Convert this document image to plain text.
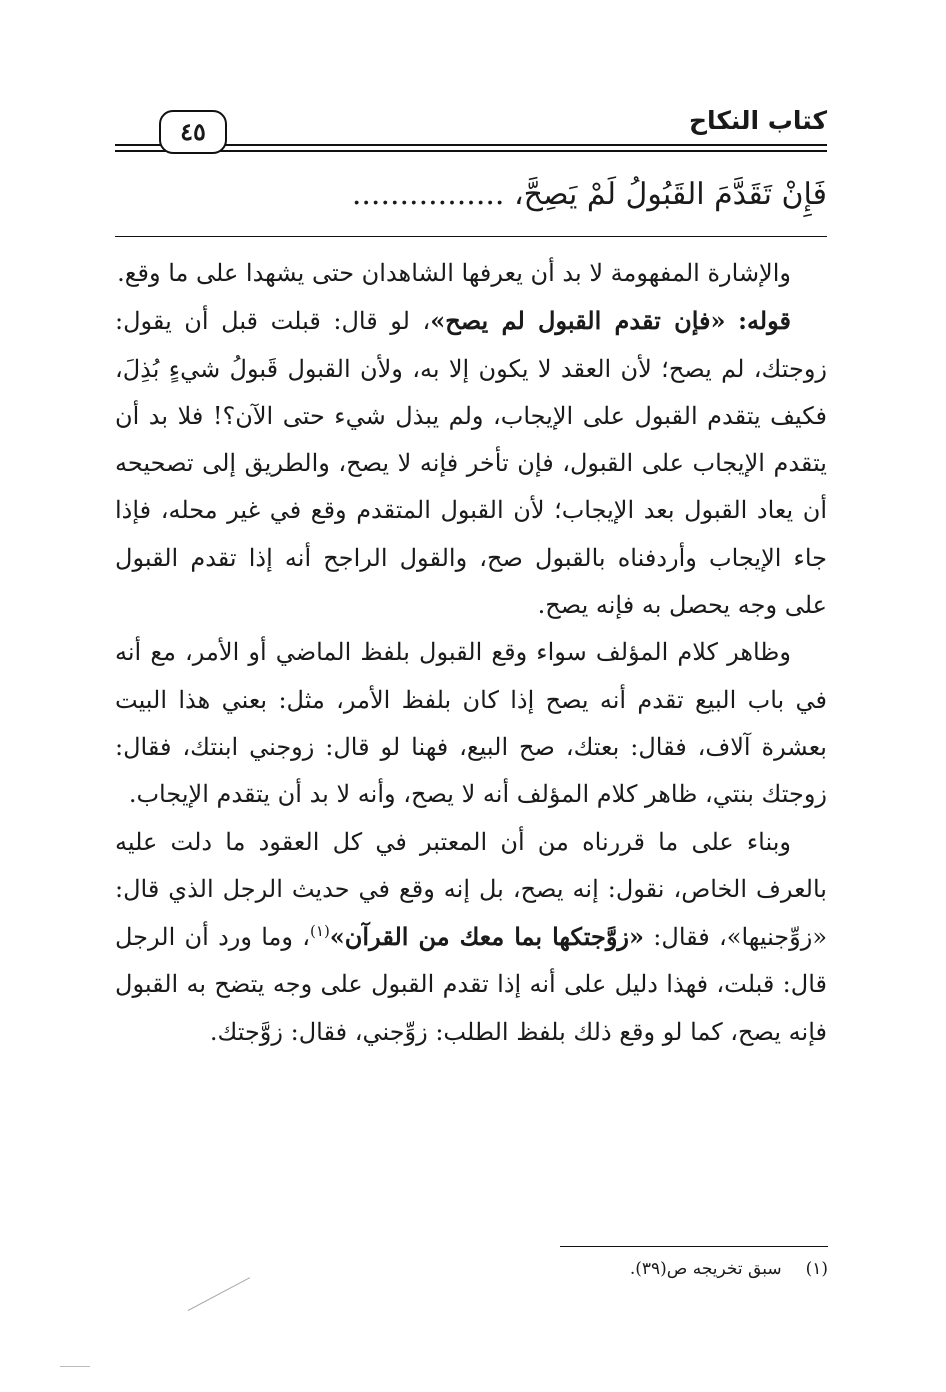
٤٥	كتاب النكاح
فَإِنْ تَقَدَّمَ القَبُولُ لَمْ يَصِحَّ، ................

والإشارة المفهومة لا بد أن يعرفها الشاهدان حتى يشهدا على ما وقع.

قوله: «فإن تقدم القبول لم يصح»، لو قال: قبلت قبل أن يقول: زوجتك، لم يصح؛ لأن العقد لا يكون إلا به، ولأن القبول قَبولُ شيءٍ بُذِلَ، فكيف يتقدم القبول على الإيجاب، ولم يبذل شيء حتى الآن؟! فلا بد أن يتقدم الإيجاب على القبول، فإن تأخر فإنه لا يصح، والطريق إلى تصحيحه أن يعاد القبول بعد الإيجاب؛ لأن القبول المتقدم وقع في غير محله، فإذا جاء الإيجاب وأردفناه بالقبول صح، والقول الراجح أنه إذا تقدم القبول على وجه يحصل به فإنه يصح.

وظاهر كلام المؤلف سواء وقع القبول بلفظ الماضي أو الأمر، مع أنه في باب البيع تقدم أنه يصح إذا كان بلفظ الأمر، مثل: بعني هذا البيت بعشرة آلاف، فقال: بعتك، صح البيع، فهنا لو قال: زوجني ابنتك، فقال: زوجتك بنتي، ظاهر كلام المؤلف أنه لا يصح، وأنه لا بد أن يتقدم الإيجاب.

وبناء على ما قررناه من أن المعتبر في كل العقود ما دلت عليه بالعرف الخاص، نقول: إنه يصح، بل إنه وقع في حديث الرجل الذي قال: «زوِّجنيها»، فقال: «زوَّجتكها بما معك من القرآن»$^{(١)}$، وما ورد أن الرجل قال: قبلت، فهذا دليل على أنه إذا تقدم القبول على وجه يتضح به القبول فإنه يصح، كما لو وقع ذلك بلفظ الطلب: زوِّجني، فقال: زوَّجتك.

(١)سبق تخريجه ص(٣٩).
